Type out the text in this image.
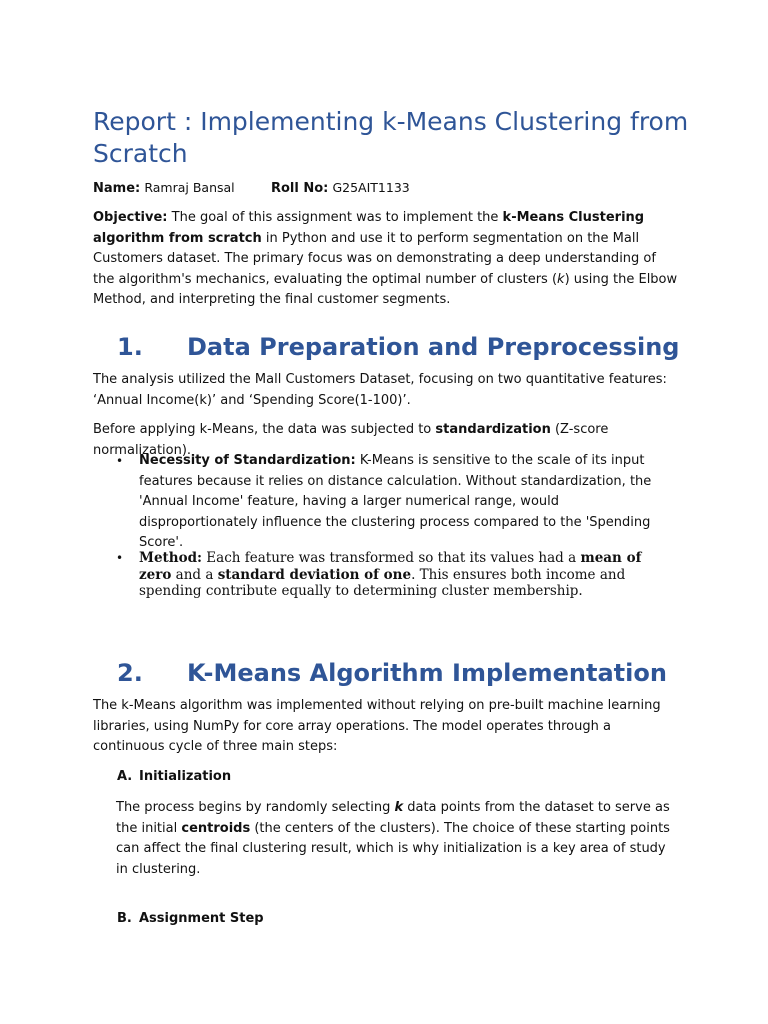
Report : Implementing k-Means Clustering from Scratch
Name: Ramraj Bansal	Roll No: G25AIT1133

Objective: The goal of this assignment was to implement the k-Means Clustering algorithm from scratch in Python and use it to perform segmentation on the Mall Customers dataset. The primary focus was on demonstrating a deep understanding of the algorithm's mechanics, evaluating the optimal number of clusters (k) using the Elbow Method, and interpreting the final customer segments.

1. Data Preparation and Preprocessing

The analysis utilized the Mall Customers Dataset, focusing on two quantitative features: ‘Annual Income(k)’ and ‘Spending Score(1-100)’.

Before applying k-Means, the data was subjected to standardization (Z-score normalization).

• Necessity of Standardization: K-Means is sensitive to the scale of its input features because it relies on distance calculation. Without standardization, the 'Annual Income' feature, having a larger numerical range, would disproportionately influence the clustering process compared to the 'Spending Score'.
• Method: Each feature was transformed so that its values had a mean of zero and a standard deviation of one. This ensures both income and spending contribute equally to determining cluster membership.
2. K-Means Algorithm Implementation

The k-Means algorithm was implemented without relying on pre-built machine learning libraries, using NumPy for core array operations. The model operates through a continuous cycle of three main steps:

A. Initialization

The process begins by randomly selecting k data points from the dataset to serve as the initial centroids (the centers of the clusters). The choice of these starting points can affect the final clustering result, which is why initialization is a key area of study in clustering.

B. Assignment Step
